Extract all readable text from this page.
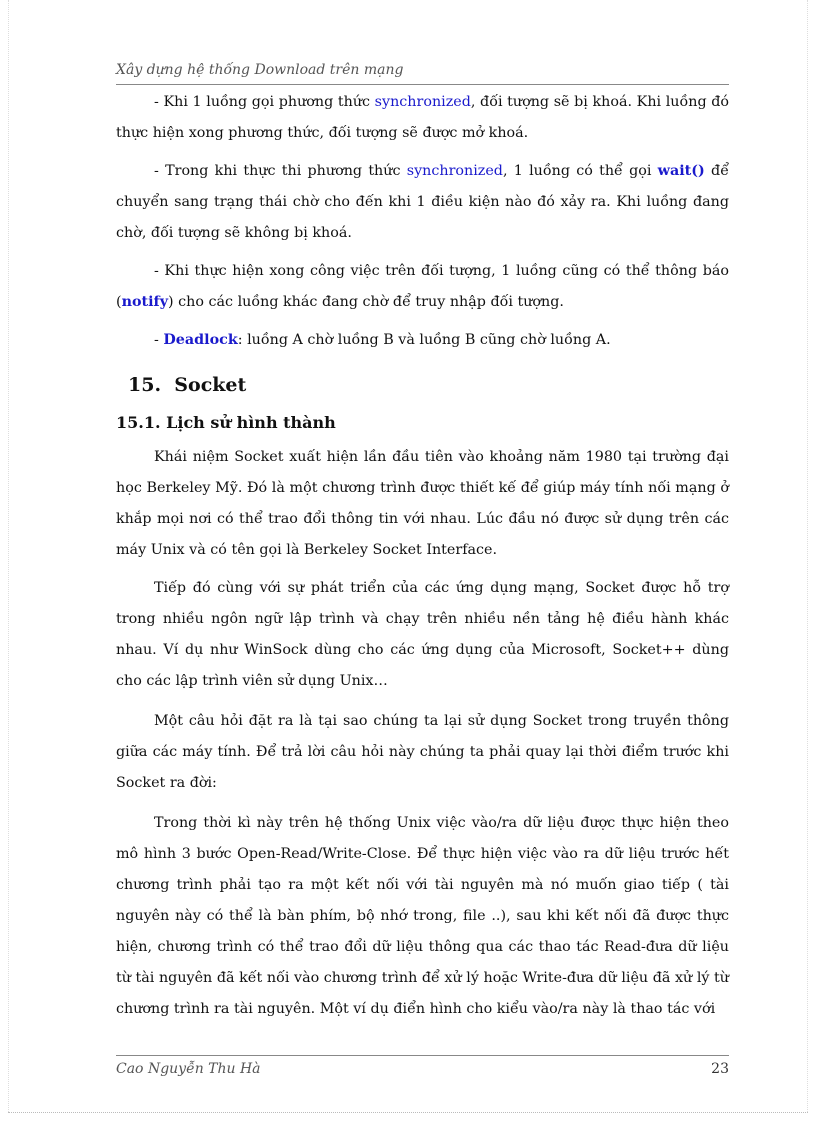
Xây dựng hệ thống Download trên mạng

- Khi 1 luồng gọi phương thức synchronized, đối tượng sẽ bị khoá. Khi luồng đó thực hiện xong phương thức, đối tượng sẽ được mở khoá.

- Trong khi thực thi phương thức synchronized, 1 luồng có thể gọi wait() để chuyển sang trạng thái chờ cho đến khi 1 điều kiện nào đó xảy ra. Khi luồng đang chờ, đối tượng sẽ không bị khoá.

- Khi thực hiện xong công việc trên đối tượng, 1 luồng cũng có thể thông báo (notify) cho các luồng khác đang chờ để truy nhập đối tượng.

- Deadlock: luồng A chờ luồng B và luồng B cũng chờ luồng A.

15. Socket
15.1. Lịch sử hình thành

Khái niệm Socket xuất hiện lần đầu tiên vào khoảng năm 1980 tại trường đại học Berkeley Mỹ. Đó là một chương trình được thiết kế để giúp máy tính nối mạng ở khắp mọi nơi có thể trao đổi thông tin với nhau. Lúc đầu nó được sử dụng trên các máy Unix và có tên gọi là Berkeley Socket Interface.

Tiếp đó cùng với sự phát triển của các ứng dụng mạng, Socket được hỗ trợ trong nhiều ngôn ngữ lập trình và chạy trên nhiều nền tảng hệ điều hành khác nhau. Ví dụ như WinSock dùng cho các ứng dụng của Microsoft, Socket++ dùng cho các lập trình viên sử dụng Unix…

Một câu hỏi đặt ra là tại sao chúng ta lại sử dụng Socket trong truyền thông giữa các máy tính. Để trả lời câu hỏi này chúng ta phải quay lại thời điểm trước khi Socket ra đời:

Trong thời kì này trên hệ thống Unix việc vào/ra dữ liệu được thực hiện theo mô hình 3 bước Open-Read/Write-Close. Để thực hiện việc vào ra dữ liệu trước hết chương trình phải tạo ra một kết nối với tài nguyên mà nó muốn giao tiếp ( tài nguyên này có thể là bàn phím, bộ nhớ trong, file ..), sau khi kết nối đã được thực hiện, chương trình có thể trao đổi dữ liệu thông qua các thao tác Read-đưa dữ liệu từ tài nguyên đã kết nối vào chương trình để xử lý hoặc Write-đưa dữ liệu đã xử lý từ chương trình ra tài nguyên. Một ví dụ điển hình cho kiểu vào/ra này là thao tác với

Cao Nguyễn Thu Hà	23
